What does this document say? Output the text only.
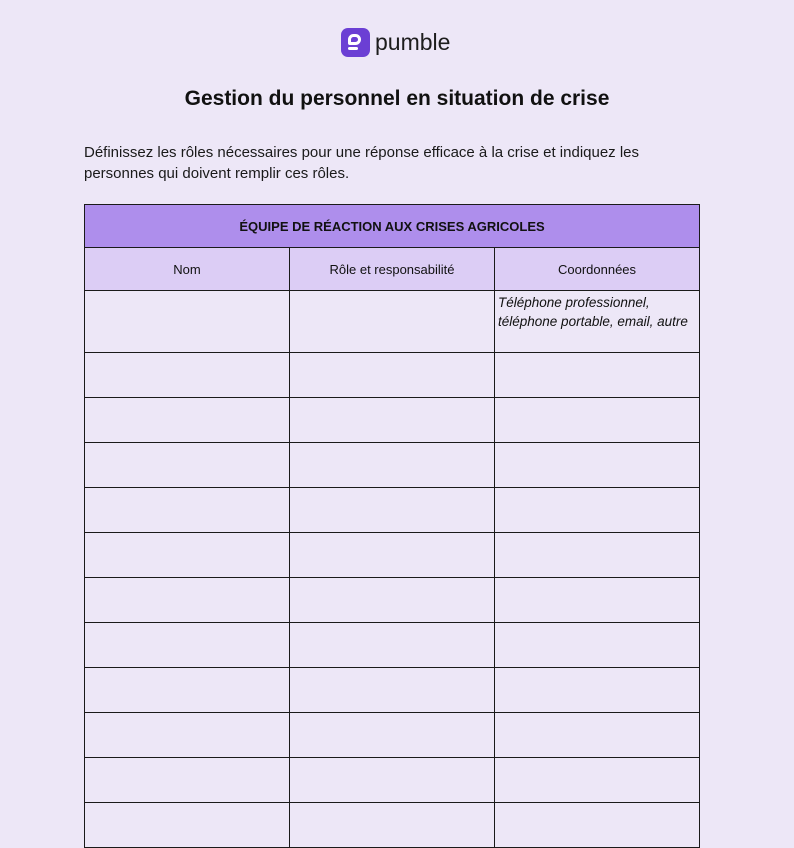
pumble
Gestion du personnel en situation de crise

Définissez les rôles nécessaires pour une réponse efficace à la crise et indiquez les personnes qui doivent remplir ces rôles.

ÉQUIPE DE RÉACTION AUX CRISES AGRICOLES		
Nom	Rôle et responsabilité	Coordonnées

		Téléphone professionnel, téléphone portable, email, autre
